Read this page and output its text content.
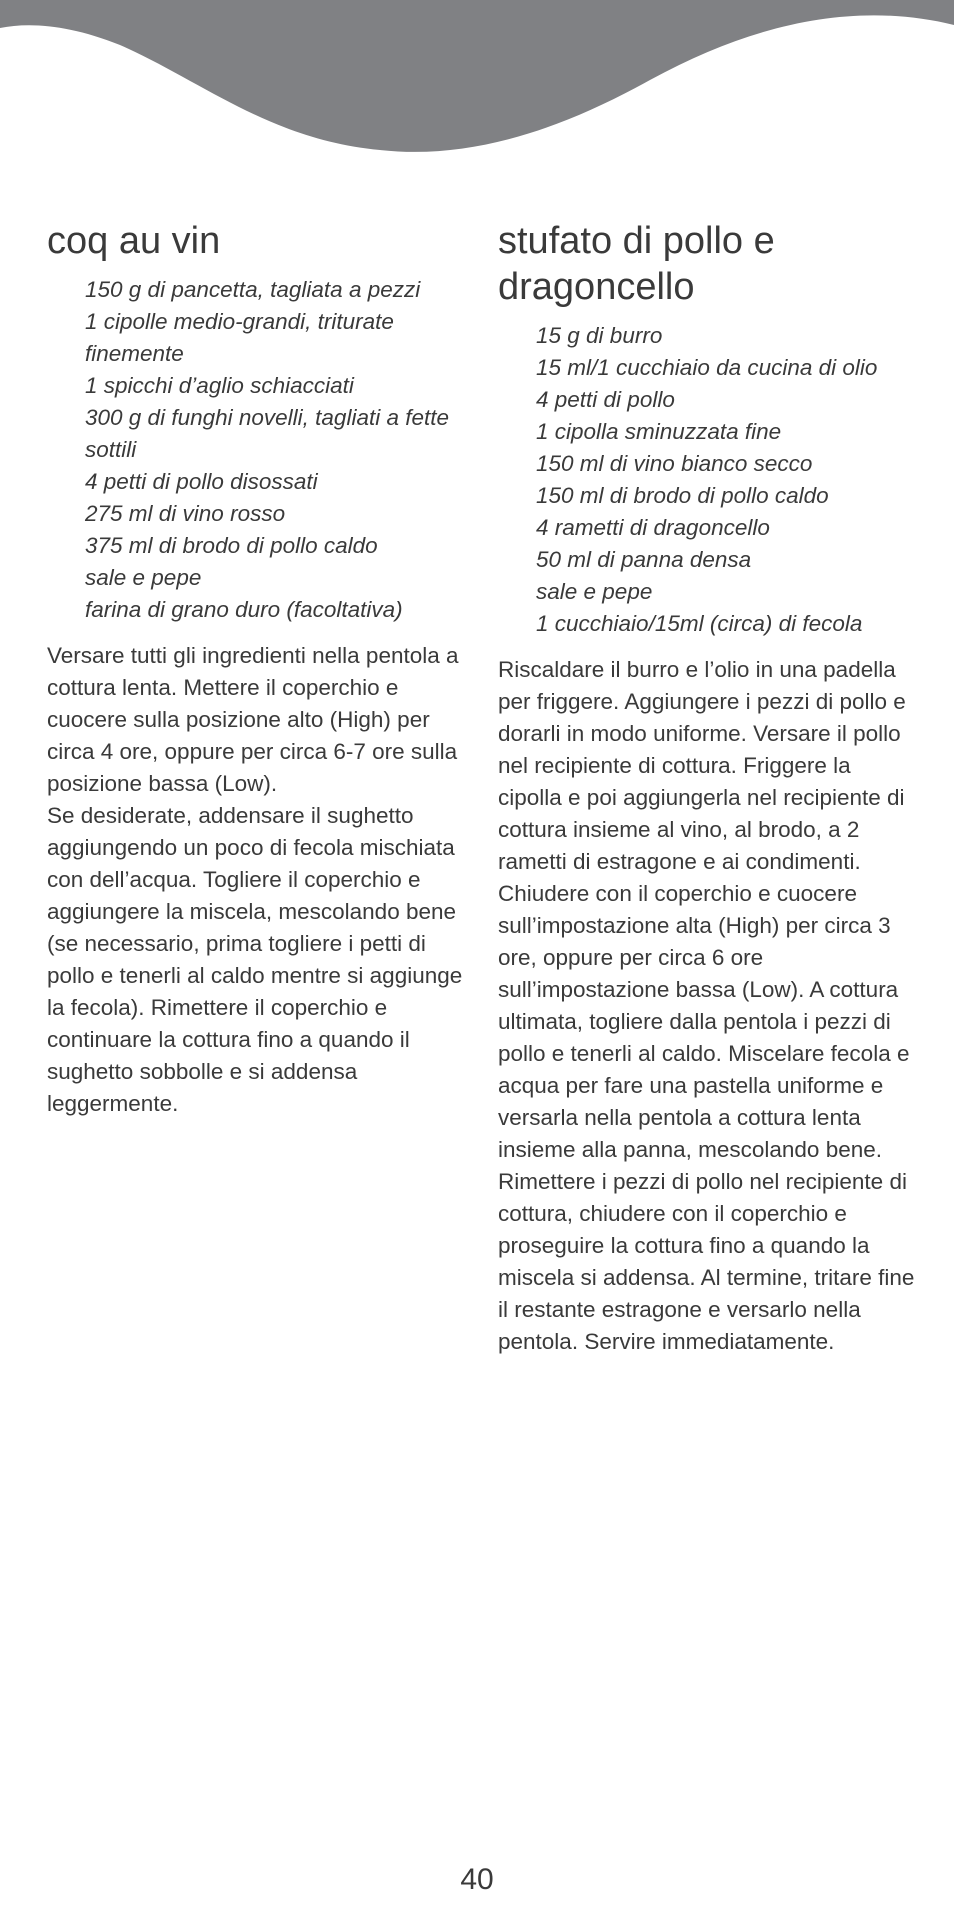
coq au vin
150 g di pancetta, tagliata a pezzi
1 cipolle medio-grandi, triturate finemente
1 spicchi d’aglio schiacciati
300 g di funghi novelli, tagliati a fette sottili
4 petti di pollo disossati
275 ml di vino rosso
375 ml di brodo di pollo caldo
sale e pepe
farina di grano duro (facoltativa)

Versare tutti gli ingredienti nella pentola a cottura lenta. Mettere il coperchio e cuocere sulla posizione alto (High) per circa 4 ore, oppure per circa 6-7 ore sulla posizione bassa (Low).

Se desiderate, addensare il sughetto aggiungendo un poco di fecola mischiata con dell’acqua. Togliere il coperchio e aggiungere la miscela, mescolando bene (se necessario, prima togliere i petti di pollo e tenerli al caldo mentre si aggiunge la fecola). Rimettere il coperchio e continuare la cottura fino a quando il sughetto sobbolle e si addensa leggermente.

stufato di pollo e dragoncello
15 g di burro
15 ml/1 cucchiaio da cucina di olio
4 petti di pollo
1 cipolla sminuzzata fine
150 ml di vino bianco secco
150 ml di brodo di pollo caldo
4 rametti di dragoncello
50 ml di panna densa
sale e pepe
1 cucchiaio/15ml (circa) di fecola

Riscaldare il burro e l’olio in una padella per friggere. Aggiungere i pezzi di pollo e dorarli in modo uniforme. Versare il pollo nel recipiente di cottura. Friggere la cipolla e poi aggiungerla nel recipiente di cottura insieme al vino, al brodo, a 2 rametti di estragone e ai condimenti. Chiudere con il coperchio e cuocere sull’impostazione alta (High) per circa 3 ore, oppure per circa 6 ore sull’impostazione bassa (Low). A cottura ultimata, togliere dalla pentola i pezzi di pollo e tenerli al caldo. Miscelare fecola e acqua per fare una pastella uniforme e versarla nella pentola a cottura lenta insieme alla panna, mescolando bene. Rimettere i pezzi di pollo nel recipiente di cottura, chiudere con il coperchio e proseguire la cottura fino a quando la miscela si addensa. Al termine, tritare fine il restante estragone e versarlo nella pentola. Servire immediatamente.

40
